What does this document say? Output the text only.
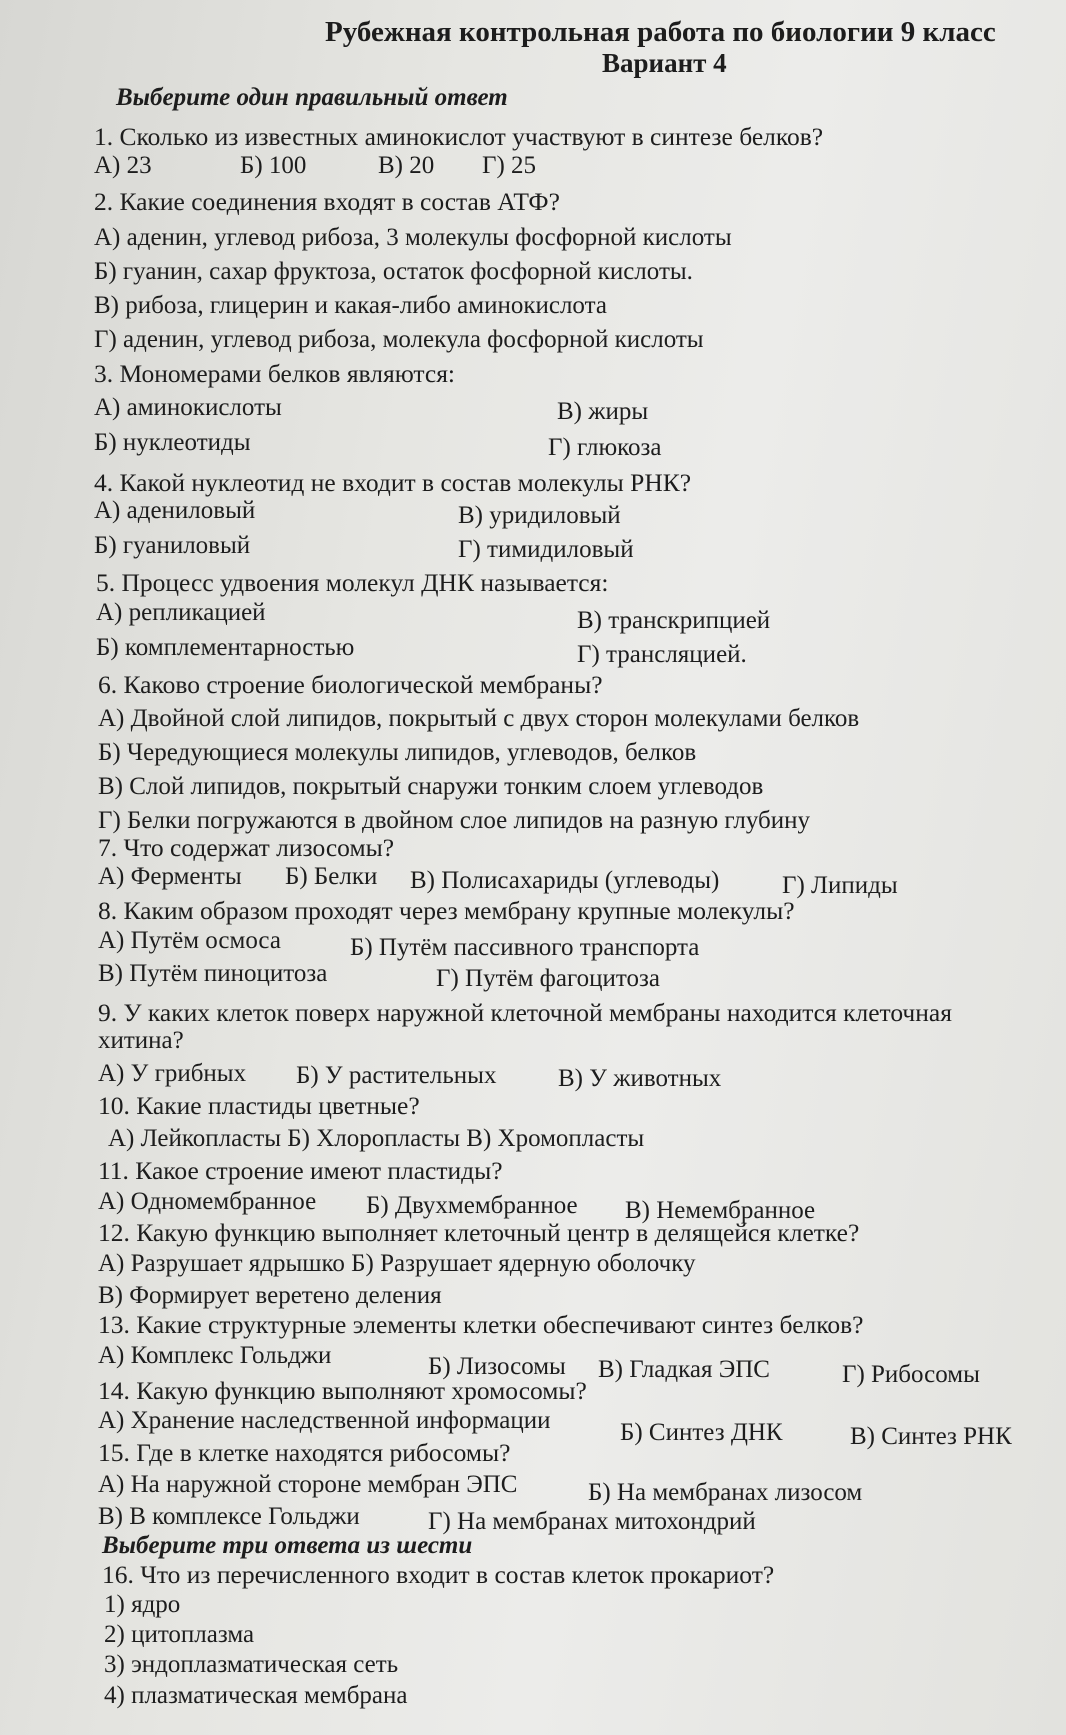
Рубежная контрольная работа по биологии 9 класс
Вариант 4
Выберите один правильный ответ
1. Сколько из известных аминокислот участвуют в синтезе белков?
А) 23	Б) 100	В) 20 Г) 25
2. Какие соединения входят в состав АТФ?
А) аденин, углевод рибоза, 3 молекулы фосфорной кислоты
Б) гуанин, сахар фруктоза, остаток фосфорной кислоты.
В) рибоза, глицерин и какая-либо аминокислота
Г) аденин, углевод рибоза, молекула фосфорной кислоты
3. Мономерами белков являются:
А) аминокислоты	В) жиры
Б) нуклеотиды	Г) глюкоза
4. Какой нуклеотид не входит в состав молекулы РНК?
А) адениловый	В) уридиловый
Б) гуаниловый	Г) тимидиловый
5. Процесс удвоения молекул ДНК называется:
А) репликацией	В) транскрипцией
Б) комплементарностью	Г) трансляцией.
6. Каково строение биологической мембраны?
А) Двойной слой липидов, покрытый с двух сторон молекулами белков
Б) Чередующиеся молекулы липидов, углеводов, белков
В) Слой липидов, покрытый снаружи тонким слоем углеводов
Г) Белки погружаются в двойном слое липидов на разную глубину
7. Что содержат лизосомы?
А) Ферменты Б) Белки В) Полисахариды (углеводы)	Г) Липиды
8. Каким образом проходят через мембрану крупные молекулы?
А) Путём осмоса	Б) Путём пассивного транспорта
В) Путём пиноцитоза	Г) Путём фагоцитоза
9. У каких клеток поверх наружной клеточной мембраны находится клеточная
хитина?
А) У грибных Б) У растительных В) У животных
10. Какие пластиды цветные?
А) Лейкопласты Б) Хлоропласты В) Хромопласты
11. Какое строение имеют пластиды?
А) Одномембранное Б) Двухмембранное В) Немембранное
12. Какую функцию выполняет клеточный центр в делящейся клетке?
А) Разрушает ядрышко Б) Разрушает ядерную оболочку
В) Формирует веретено деления
13. Какие структурные элементы клетки обеспечивают синтез белков?
А) Комплекс Гольджи	Б) Лизосомы В) Гладкая ЭПС	Г) Рибосомы
14. Какую функцию выполняют хромосомы?
А) Хранение наследственной информации	Б) Синтез ДНК	В) Синтез РНК
15. Где в клетке находятся рибосомы?
А) На наружной стороне мембран ЭПС	Б) На мембранах лизосом
В) В комплексе Гольджи	Г) На мембранах митохондрий
Выберите три ответа из шести
16. Что из перечисленного входит в состав клеток прокариот?
1) ядро
2) цитоплазма
3) эндоплазматическая сеть
4) плазматическая мембрана
